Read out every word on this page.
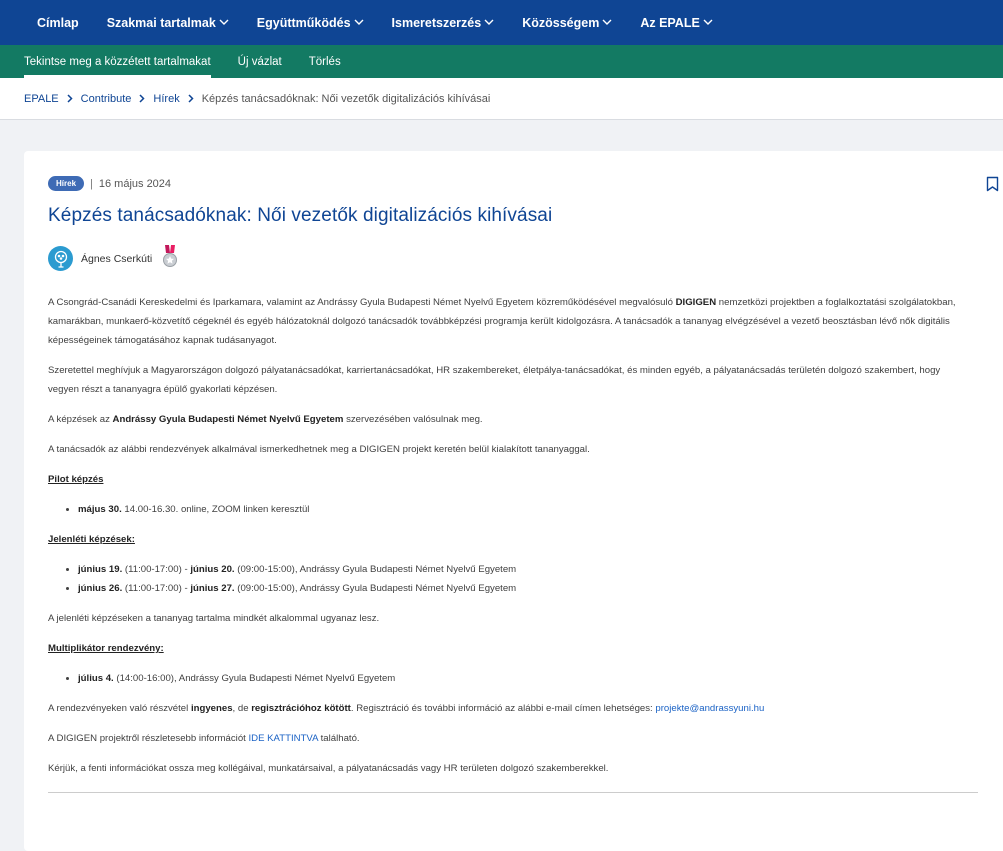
Címlap Szakmai tartalmak	Együttműködés	Ismeretszerzés	Közösségem	Az EPALE
Tekintse meg a közzétett tartalmakat Új vázlat Törlés
EPALE Contribute Hírek Képzés tanácsadóknak: Női vezetők digitalizációs kihívásai
Hírek	| 16 május 2024
Képzés tanácsadóknak: Női vezetők digitalizációs kihívásai
Ágnes Cserkúti

A Csongrád-Csanádi Kereskedelmi és Iparkamara, valamint az Andrássy Gyula Budapesti Német Nyelvű Egyetem közreműködésével megvalósuló DIGIGEN nemzetközi projektben a foglalkoztatási szolgálatokban, kamarákban, munkaerő-közvetítő cégeknél és egyéb hálózatoknál dolgozó tanácsadók továbbképzési programja került kidolgozásra. A tanácsadók a tananyag elvégzésével a vezető beosztásban lévő nők digitális képességeinek támogatásához kapnak tudásanyagot.

Szeretettel meghívjuk a Magyarországon dolgozó pályatanácsadókat, karriertanácsadókat, HR szakembereket, életpálya-tanácsadókat, és minden egyéb, a pályatanácsadás területén dolgozó szakembert, hogy vegyen részt a tananyagra épülő gyakorlati képzésen.

A képzések az Andrássy Gyula Budapesti Német Nyelvű Egyetem szervezésében valósulnak meg.

A tanácsadók az alábbi rendezvények alkalmával ismerkedhetnek meg a DIGIGEN projekt keretén belül kialakított tananyaggal.

Pilot képzés

• május 30. 14.00-16.30. online, ZOOM linken keresztül

Jelenléti képzések:

• június 19. (11:00-17:00) - június 20. (09:00-15:00), Andrássy Gyula Budapesti Német Nyelvű Egyetem
• június 26. (11:00-17:00) - június 27. (09:00-15:00), Andrássy Gyula Budapesti Német Nyelvű Egyetem

A jelenléti képzéseken a tananyag tartalma mindkét alkalommal ugyanaz lesz.

Multiplikátor rendezvény:

• július 4. (14:00-16:00), Andrássy Gyula Budapesti Német Nyelvű Egyetem

A rendezvényeken való részvétel ingyenes, de regisztrációhoz kötött. Regisztráció és további információ az alábbi e-mail címen lehetséges: projekte@andrassyuni.hu

A DIGIGEN projektről részletesebb információt IDE KATTINTVA található.

Kérjük, a fenti információkat ossza meg kollégáival, munkatársaival, a pályatanácsadás vagy HR területen dolgozó szakemberekkel.
